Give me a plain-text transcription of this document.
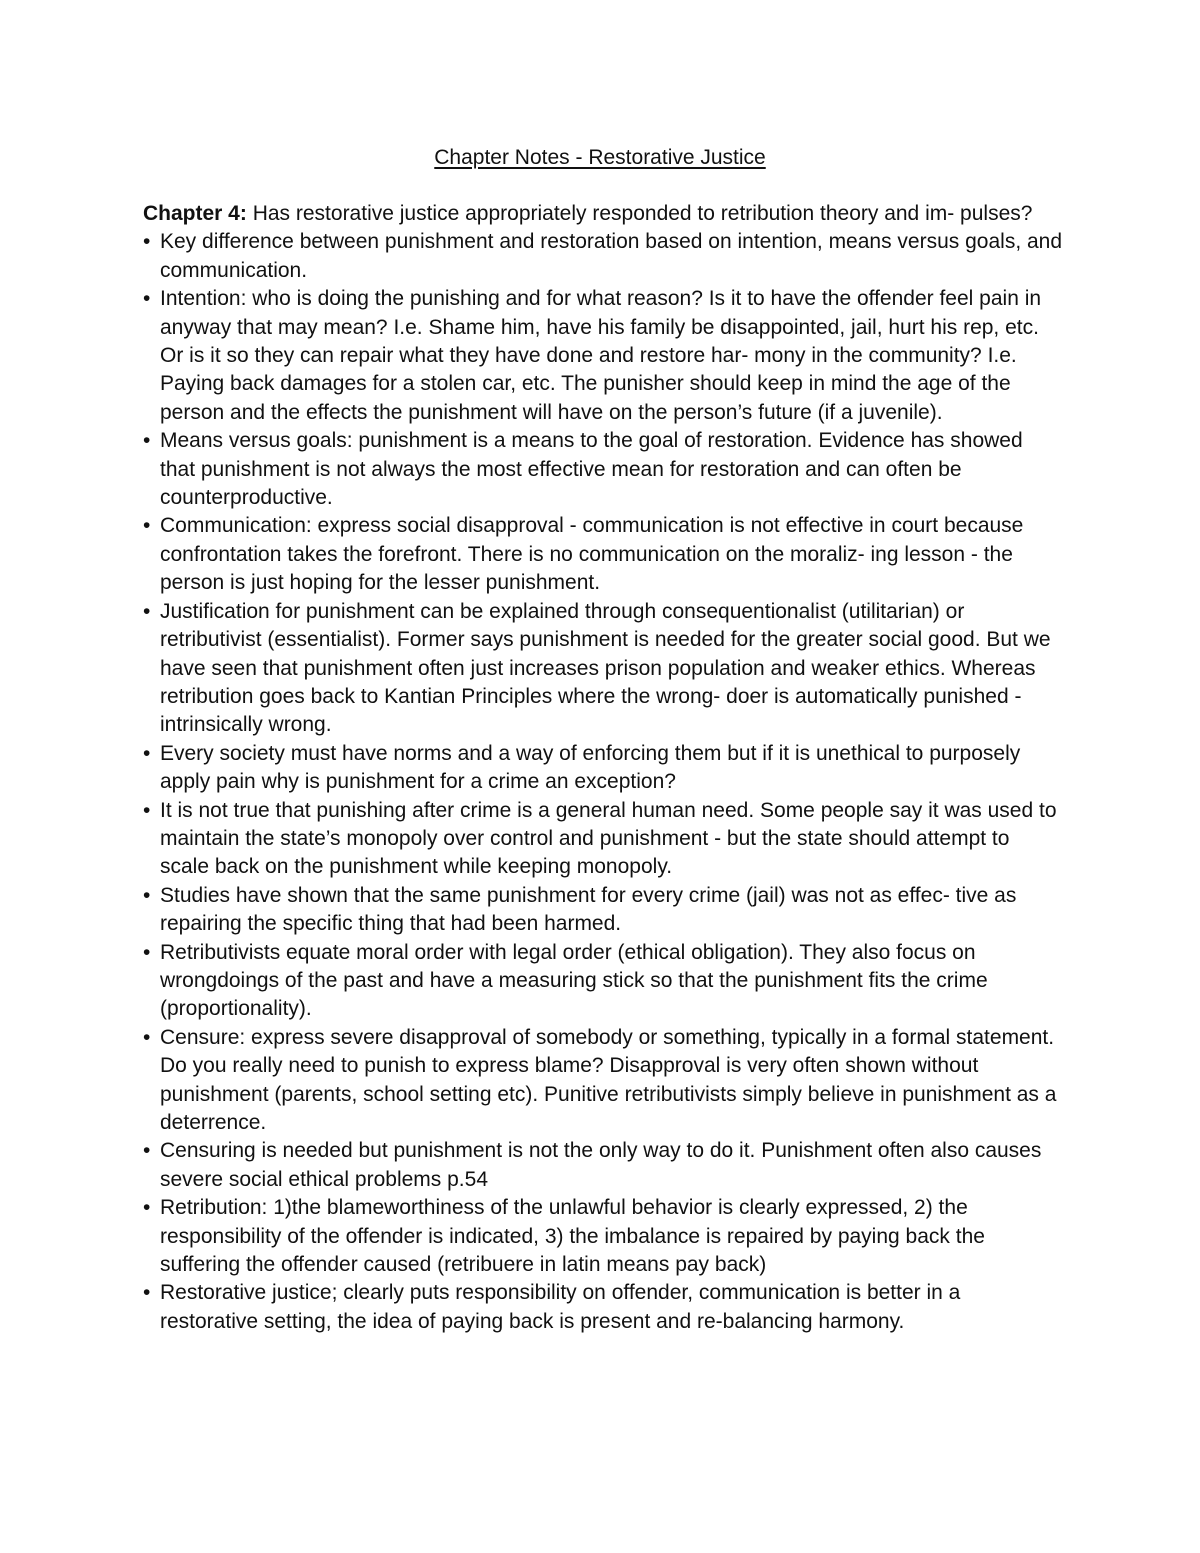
Chapter Notes - Restorative Justice

Chapter 4: Has restorative justice appropriately responded to retribution theory and im- pulses?

• Key difference between punishment and restoration based on intention, means versus goals, and communication.
• Intention: who is doing the punishing and for what reason? Is it to have the offender feel pain in anyway that may mean? I.e. Shame him, have his family be disappointed, jail, hurt his rep, etc. Or is it so they can repair what they have done and restore har- mony in the community? I.e. Paying back damages for a stolen car, etc. The punisher should keep in mind the age of the person and the effects the punishment will have on the person’s future (if a juvenile).
• Means versus goals: punishment is a means to the goal of restoration. Evidence has showed that punishment is not always the most effective mean for restoration and can often be counterproductive.
• Communication: express social disapproval - communication is not effective in court because confrontation takes the forefront. There is no communication on the moraliz- ing lesson - the person is just hoping for the lesser punishment.
• Justification for punishment can be explained through consequentionalist (utilitarian) or retributivist (essentialist). Former says punishment is needed for the greater social good. But we have seen that punishment often just increases prison population and weaker ethics. Whereas retribution goes back to Kantian Principles where the wrong- doer is automatically punished - intrinsically wrong.
• Every society must have norms and a way of enforcing them but if it is unethical to purposely apply pain why is punishment for a crime an exception?
• It is not true that punishing after crime is a general human need. Some people say it was used to maintain the state’s monopoly over control and punishment - but the state should attempt to scale back on the punishment while keeping monopoly.
• Studies have shown that the same punishment for every crime (jail) was not as effec- tive as repairing the specific thing that had been harmed.
• Retributivists equate moral order with legal order (ethical obligation). They also focus on wrongdoings of the past and have a measuring stick so that the punishment fits the crime (proportionality).
• Censure: express severe disapproval of somebody or something, typically in a formal statement. Do you really need to punish to express blame? Disapproval is very often shown without punishment (parents, school setting etc). Punitive retributivists simply believe in punishment as a deterrence.
• Censuring is needed but punishment is not the only way to do it. Punishment often also causes severe social ethical problems p.54
• Retribution: 1)the blameworthiness of the unlawful behavior is clearly expressed, 2) the responsibility of the offender is indicated, 3) the imbalance is repaired by paying back the suffering the offender caused (retribuere in latin means pay back)
• Restorative justice; clearly puts responsibility on offender, communication is better in a restorative setting, the idea of paying back is present and re-balancing harmony.
